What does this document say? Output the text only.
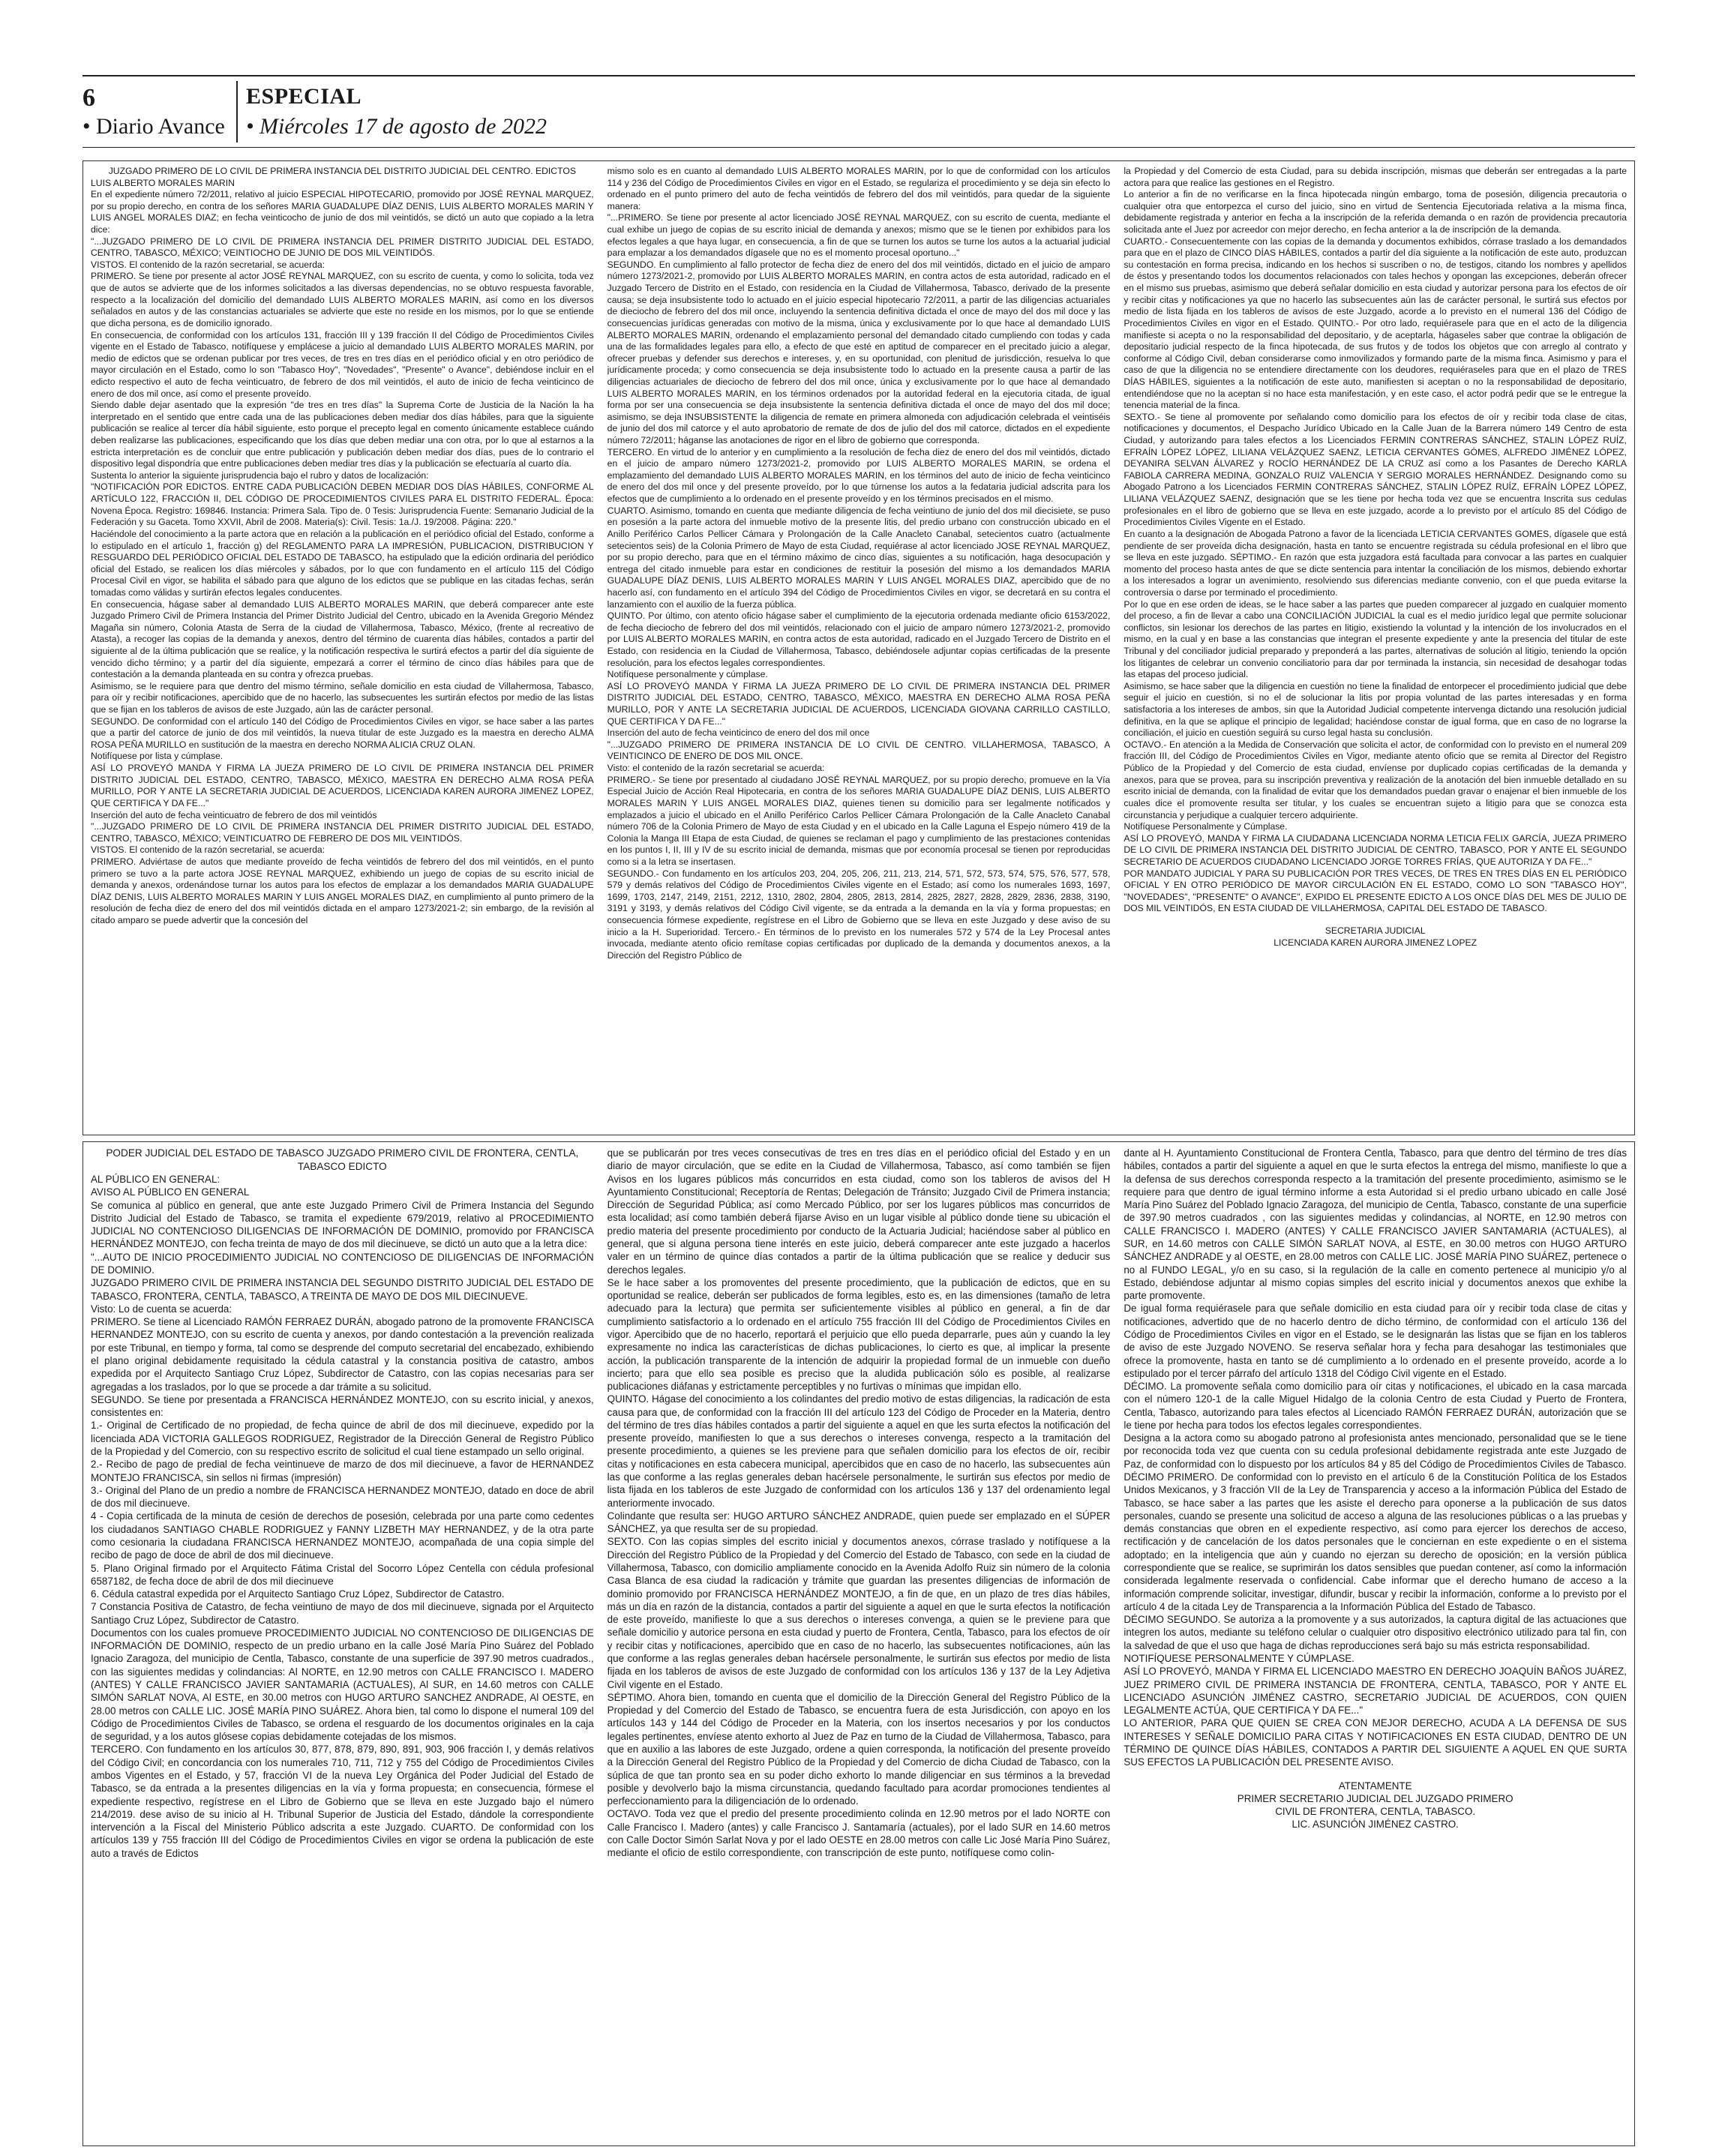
6
• Diario Avance
ESPECIAL
• Miércoles 17 de agosto de 2022

JUZGADO PRIMERO DE LO CIVIL DE PRIMERA INSTANCIA DEL DISTRITO JUDICIAL DEL CENTRO. EDICTOS

LUIS ALBERTO MORALES MARIN

En el expediente número 72/2011, relativo al juicio ESPECIAL HIPOTECARIO, promovido por JOSÉ REYNAL MARQUEZ, por su propio derecho, en contra de los señores MARIA GUADALUPE DÍAZ DENIS, LUIS ALBERTO MORALES MARIN Y LUIS ANGEL MORALES DIAZ; en fecha veinticocho de junio de dos mil veintidós, se dictó un auto que copiado a la letra dice:

"...JUZGADO PRIMERO DE LO CIVIL DE PRIMERA INSTANCIA DEL PRIMER DISTRITO JUDICIAL DEL ESTADO, CENTRO, TABASCO, MÉXICO; VEINTIOCHO DE JUNIO DE DOS MIL VEINTIDÓS.

VISTOS. El contenido de la razón secretarial, se acuerda:

PRIMERO. Se tiene por presente al actor JOSÉ REYNAL MARQUEZ, con su escrito de cuenta, y como lo solicita, toda vez que de autos se advierte que de los informes solicitados a las diversas dependencias, no se obtuvo respuesta favorable, respecto a la localización del domicilio del demandado LUIS ALBERTO MORALES MARIN, así como en los diversos señalados en autos y de las constancias actuariales se advierte que este no reside en los mismos, por lo que se entiende que dicha persona, es de domicilio ignorado.

En consecuencia, de conformidad con los artículos 131, fracción III y 139 fracción II del Código de Procedimientos Civiles vigente en el Estado de Tabasco, notifíquese y emplácese a juicio al demandado LUIS ALBERTO MORALES MARIN, por medio de edictos que se ordenan publicar por tres veces, de tres en tres días en el periódico oficial y en otro periódico de mayor circulación en el Estado, como lo son "Tabasco Hoy", "Novedades", "Presente" o Avance", debiéndose incluir en el edicto respectivo el auto de fecha veinticuatro, de febrero de dos mil veintidós, el auto de inicio de fecha veinticinco de enero de dos mil once, así como el presente proveído.

Siendo dable dejar asentado que la expresión "de tres en tres días" la Suprema Corte de Justicia de la Nación la ha interpretado en el sentido que entre cada una de las publicaciones deben mediar dos días hábiles, para que la siguiente publicación se realice al tercer día hábil siguiente, esto porque el precepto legal en comento únicamente establece cuándo deben realizarse las publicaciones, especificando que los días que deben mediar una con otra, por lo que al estarnos a la estricta interpretación es de concluir que entre publicación y publicación deben mediar dos días, pues de lo contrario el dispositivo legal dispondría que entre publicaciones deben mediar tres días y la publicación se efectuaría al cuarto día.

Sustenta lo anterior la siguiente jurisprudencia bajo el rubro y datos de localización:

"NOTIFICACIÓN POR EDICTOS. ENTRE CADA PUBLICACIÓN DEBEN MEDIAR DOS DÍAS HÁBILES, CONFORME AL ARTÍCULO 122, FRACCIÓN II, DEL CÓDIGO DE PROCEDIMIENTOS CIVILES PARA EL DISTRITO FEDERAL. Época: Novena Época. Registro: 169846. Instancia: Primera Sala. Tipo de. 0 Tesis: Jurisprudencia Fuente: Semanario Judicial de la Federación y su Gaceta. Tomo XXVII, Abril de 2008. Materia(s): Civil. Tesis: 1a./J. 19/2008. Página: 220."

Haciéndole del conocimiento a la parte actora que en relación a la publicación en el periódico oficial del Estado, conforme a lo estipulado en el artículo 1, fracción g) del REGLAMENTO PARA LA IMPRESIÓN, PUBLICACION, DISTRIBUCION Y RESGUARDO DEL PERIÓDICO OFICIAL DEL ESTADO DE TABASCO, ha estipulado que la edición ordinaria del periódico oficial del Estado, se realicen los días miércoles y sábados, por lo que con fundamento en el artículo 115 del Código Procesal Civil en vigor, se habilita el sábado para que alguno de los edictos que se publique en las citadas fechas, serán tomadas como válidas y surtirán efectos legales conducentes.

En consecuencia, hágase saber al demandado LUIS ALBERTO MORALES MARIN, que deberá comparecer ante este Juzgado Primero Civil de Primera Instancia del Primer Distrito Judicial del Centro, ubicado en la Avenida Gregorio Méndez Magaña sin número, Colonia Atasta de Serra de la ciudad de Villahermosa, Tabasco, México, (frente al recreativo de Atasta), a recoger las copias de la demanda y anexos, dentro del término de cuarenta días hábiles, contados a partir del siguiente al de la última publicación que se realice, y la notificación respectiva le surtirá efectos a partir del día siguiente de vencido dicho término; y a partir del día siguiente, empezará a correr el término de cinco días hábiles para que de contestación a la demanda planteada en su contra y ofrezca pruebas.

Asimismo, se le requiere para que dentro del mismo término, señale domicilio en esta ciudad de Villahermosa, Tabasco, para oír y recibir notificaciones, apercibido que de no hacerlo, las subsecuentes les surtirán efectos por medio de las listas que se fijan en los tableros de avisos de este Juzgado, aún las de carácter personal.

SEGUNDO. De conformidad con el artículo 140 del Código de Procedimientos Civiles en vigor, se hace saber a las partes que a partir del catorce de junio de dos mil veintidós, la nueva titular de este Juzgado es la maestra en derecho ALMA ROSA PEÑA MURILLO en sustitución de la maestra en derecho NORMA ALICIA CRUZ OLAN.

Notifíquese por lista y cúmplase.

ASÍ LO PROVEYÓ MANDA Y FIRMA LA JUEZA PRIMERO DE LO CIVIL DE PRIMERA INSTANCIA DEL PRIMER DISTRITO JUDICIAL DEL ESTADO, CENTRO, TABASCO, MÉXICO, MAESTRA EN DERECHO ALMA ROSA PEÑA MURILLO, POR Y ANTE LA SECRETARIA JUDICIAL DE ACUERDOS, LICENCIADA KAREN AURORA JIMENEZ LOPEZ, QUE CERTIFICA Y DA FE..."

Inserción del auto de fecha veinticuatro de febrero de dos mil veintidós

"...JUZGADO PRIMERO DE LO CIVIL DE PRIMERA INSTANCIA DEL PRIMER DISTRITO JUDICIAL DEL ESTADO, CENTRO, TABASCO, MÉXICO; VEINTICUATRO DE FEBRERO DE DOS MIL VEINTIDÓS.

VISTOS. El contenido de la razón secretarial, se acuerda:

PRIMERO. Adviértase de autos que mediante proveído de fecha veintidós de febrero del dos mil veintidós, en el punto primero se tuvo a la parte actora JOSE REYNAL MARQUEZ, exhibiendo un juego de copias de su escrito inicial de demanda y anexos, ordenándose turnar los autos para los efectos de emplazar a los demandados MARIA GUADALUPE DÍAZ DENIS, LUIS ALBERTO MORALES MARIN Y LUIS ANGEL MORALES DIAZ, en cumplimiento al punto primero de la resolución de fecha diez de enero del dos mil veintidós dictada en el amparo 1273/2021-2; sin embargo, de la revisión al citado amparo se puede advertir que la concesión del

mismo solo es en cuanto al demandado LUIS ALBERTO MORALES MARIN, por lo que de conformidad con los artículos 114 y 236 del Código de Procedimientos Civiles en vigor en el Estado, se regulariza el procedimiento y se deja sin efecto lo ordenado en el punto primero del auto de fecha veintidós de febrero del dos mil veintidós, para quedar de la siguiente manera:

"...PRIMERO. Se tiene por presente al actor licenciado JOSÉ REYNAL MARQUEZ, con su escrito de cuenta, mediante el cual exhibe un juego de copias de su escrito inicial de demanda y anexos; mismo que se le tienen por exhibidos para los efectos legales a que haya lugar, en consecuencia, a fin de que se turnen los autos se turne los autos a la actuarial judicial para emplazar a los demandados dígasele que no es el momento procesal oportuno..."

SEGUNDO. En cumplimiento al fallo protector de fecha diez de enero del dos mil veintidós, dictado en el juicio de amparo número 1273/2021-2, promovido por LUIS ALBERTO MORALES MARIN, en contra actos de esta autoridad, radicado en el Juzgado Tercero de Distrito en el Estado, con residencia en la Ciudad de Villahermosa, Tabasco, derivado de la presente causa; se deja insubsistente todo lo actuado en el juicio especial hipotecario 72/2011, a partir de las diligencias actuariales de dieciocho de febrero del dos mil once, incluyendo la sentencia definitiva dictada el once de mayo del dos mil doce y las consecuencias jurídicas generadas con motivo de la misma, única y exclusivamente por lo que hace al demandado LUIS ALBERTO MORALES MARIN, ordenando el emplazamiento personal del demandado citado cumpliendo con todas y cada una de las formalidades legales para ello, a efecto de que esté en aptitud de comparecer en el precitado juicio a alegar, ofrecer pruebas y defender sus derechos e intereses, y, en su oportunidad, con plenitud de jurisdicción, resuelva lo que jurídicamente proceda; y como consecuencia se deja insubsistente todo lo actuado en la presente causa a partir de las diligencias actuariales de dieciocho de febrero del dos mil once, única y exclusivamente por lo que hace al demandado LUIS ALBERTO MORALES MARIN, en los términos ordenados por la autoridad federal en la ejecutoria citada, de igual forma por ser una consecuencia se deja insubsistente la sentencia definitiva dictada el once de mayo del dos mil doce; asimismo, se deja INSUBSISTENTE la diligencia de remate en primera almoneda con adjudicación celebrada el veintiséis de junio del dos mil catorce y el auto aprobatorio de remate de dos de julio del dos mil catorce, dictados en el expediente número 72/2011; háganse las anotaciones de rigor en el libro de gobierno que corresponda.

TERCERO. En virtud de lo anterior y en cumplimiento a la resolución de fecha diez de enero del dos mil veintidós, dictado en el juicio de amparo número 1273/2021-2, promovido por LUIS ALBERTO MORALES MARIN, se ordena el emplazamiento del demandado LUIS ALBERTO MORALES MARIN, en los términos del auto de inicio de fecha veinticinco de enero del dos mil once y del presente proveído, por lo que túrnense los autos a la fedataria judicial adscrita para los efectos que de cumplimiento a lo ordenado en el presente proveído y en los términos precisados en el mismo.

CUARTO. Asimismo, tomando en cuenta que mediante diligencia de fecha veintiuno de junio del dos mil diecisiete, se puso en posesión a la parte actora del inmueble motivo de la presente litis, del predio urbano con construcción ubicado en el Anillo Periférico Carlos Pellicer Cámara y Prolongación de la Calle Anacleto Canabal, setecientos cuatro (actualmente setecientos seis) de la Colonia Primero de Mayo de esta Ciudad, requiérase al actor licenciado JOSE REYNAL MARQUEZ, por su propio derecho, para que en el término máximo de cinco días, siguientes a su notificación, haga desocupación y entrega del citado inmueble para estar en condiciones de restituir la posesión del mismo a los demandados MARIA GUADALUPE DÍAZ DENIS, LUIS ALBERTO MORALES MARIN Y LUIS ANGEL MORALES DIAZ, apercibido que de no hacerlo así, con fundamento en el artículo 394 del Código de Procedimientos Civiles en vigor, se decretará en su contra el lanzamiento con el auxilio de la fuerza pública.

QUINTO. Por último, con atento oficio hágase saber el cumplimiento de la ejecutoria ordenada mediante oficio 6153/2022, de fecha dieciocho de febrero del dos mil veintidós, relacionado con el juicio de amparo número 1273/2021-2, promovido por LUIS ALBERTO MORALES MARIN, en contra actos de esta autoridad, radicado en el Juzgado Tercero de Distrito en el Estado, con residencia en la Ciudad de Villahermosa, Tabasco, debiéndosele adjuntar copias certificadas de la presente resolución, para los efectos legales correspondientes.

Notifíquese personalmente y cúmplase.

ASÍ LO PROVEYÓ MANDA Y FIRMA LA JUEZA PRIMERO DE LO CIVIL DE PRIMERA INSTANCIA DEL PRIMER DISTRITO JUDICIAL DEL ESTADO, CENTRO, TABASCO, MÉXICO, MAESTRA EN DERECHO ALMA ROSA PEÑA MURILLO, POR Y ANTE LA SECRETARIA JUDICIAL DE ACUERDOS, LICENCIADA GIOVANA CARRILLO CASTILLO, QUE CERTIFICA Y DA FE..."

Inserción del auto de fecha veinticinco de enero del dos mil once

"...JUZGADO PRIMERO DE PRIMERA INSTANCIA DE LO CIVIL DE CENTRO. VILLAHERMOSA, TABASCO, A VEINTICINCO DE ENERO DE DOS MIL ONCE.

Visto: el contenido de la razón secretarial se acuerda:

PRIMERO.- Se tiene por presentado al ciudadano JOSÉ REYNAL MARQUEZ, por su propio derecho, promueve en la Vía Especial Juicio de Acción Real Hipotecaria, en contra de los señores MARIA GUADALUPE DÍAZ DENIS, LUIS ALBERTO MORALES MARIN Y LUIS ANGEL MORALES DIAZ, quienes tienen su domicilio para ser legalmente notificados y emplazados a juicio el ubicado en el Anillo Periférico Carlos Pellicer Cámara Prolongación de la Calle Anacleto Canabal número 706 de la Colonia Primero de Mayo de esta Ciudad y en el ubicado en la Calle Laguna el Espejo número 419 de la Colonia la Manga III Etapa de esta Ciudad, de quienes se reclaman el pago y cumplimiento de las prestaciones contenidas en los puntos I, II, III y IV de su escrito inicial de demanda, mismas que por economía procesal se tienen por reproducidas como si a la letra se insertasen.

SEGUNDO.- Con fundamento en los artículos 203, 204, 205, 206, 211, 213, 214, 571, 572, 573, 574, 575, 576, 577, 578, 579 y demás relativos del Código de Procedimientos Civiles vigente en el Estado; así como los numerales 1693, 1697, 1699, 1703, 2147, 2149, 2151, 2212, 1310, 2802, 2804, 2805, 2813, 2814, 2825, 2827, 2828, 2829, 2836, 2838, 3190, 3191 y 3193, y demás relativos del Código Civil vigente, se da entrada a la demanda en la vía y forma propuestas; en consecuencia fórmese expediente, regístrese en el Libro de Gobierno que se lleva en este Juzgado y dese aviso de su inicio a la H. Superioridad. Tercero.- En términos de lo previsto en los numerales 572 y 574 de la Ley Procesal antes invocada, mediante atento oficio remítase copias certificadas por duplicado de la demanda y documentos anexos, a la Dirección del Registro Público de

la Propiedad y del Comercio de esta Ciudad, para su debida inscripción, mismas que deberán ser entregadas a la parte actora para que realice las gestiones en el Registro.

Lo anterior a fin de no verificarse en la finca hipotecada ningún embargo, toma de posesión, diligencia precautoria o cualquier otra que entorpezca el curso del juicio, sino en virtud de Sentencia Ejecutoriada relativa a la misma finca, debidamente registrada y anterior en fecha a la inscripción de la referida demanda o en razón de providencia precautoria solicitada ante el Juez por acreedor con mejor derecho, en fecha anterior a la de inscripción de la demanda.

CUARTO.- Consecuentemente con las copias de la demanda y documentos exhibidos, córrase traslado a los demandados para que en el plazo de CINCO DÍAS HÁBILES, contados a partir del día siguiente a la notificación de este auto, produzcan su contestación en forma precisa, indicando en los hechos si suscriben o no, de testigos, citando los nombres y apellidos de éstos y presentando todos los documentos relacionados con tales hechos y opongan las excepciones, deberán ofrecer en el mismo sus pruebas, asimismo que deberá señalar domicilio en esta ciudad y autorizar persona para los efectos de oír y recibir citas y notificaciones ya que no hacerlo las subsecuentes aún las de carácter personal, le surtirá sus efectos por medio de lista fijada en los tableros de avisos de este Juzgado, acorde a lo previsto en el numeral 136 del Código de Procedimientos Civiles en vigor en el Estado. QUINTO.- Por otro lado, requiérasele para que en el acto de la diligencia manifieste si acepta o no la responsabilidad del depositario, y de aceptarla, hágaseles saber que contrae la obligación de depositario judicial respecto de la finca hipotecada, de sus frutos y de todos los objetos que con arreglo al contrato y conforme al Código Civil, deban considerarse como inmovilizados y formando parte de la misma finca. Asimismo y para el caso de que la diligencia no se entendiere directamente con los deudores, requiéraseles para que en el plazo de TRES DÍAS HÁBILES, siguientes a la notificación de este auto, manifiesten si aceptan o no la responsabilidad de depositario, entendiéndose que no la aceptan si no hace esta manifestación, y en este caso, el actor podrá pedir que se le entregue la tenencia material de la finca.

SEXTO.- Se tiene al promovente por señalando como domicilio para los efectos de oír y recibir toda clase de citas, notificaciones y documentos, el Despacho Jurídico Ubicado en la Calle Juan de la Barrera número 149 Centro de esta Ciudad, y autorizando para tales efectos a los Licenciados FERMIN CONTRERAS SÁNCHEZ, STALIN LÓPEZ RUÍZ, EFRAÍN LÓPEZ LÓPEZ, LILIANA VELÁZQUEZ SAENZ, LETICIA CERVANTES GÓMES, ALFREDO JIMÉNEZ LÓPEZ, DEYANIRA SELVAN ÁLVAREZ y ROCÍO HERNÁNDEZ DE LA CRUZ así como a los Pasantes de Derecho KARLA FABIOLA CARRERA MEDINA, GONZALO RUIZ VALENCIA Y SERGIO MORALES HERNÁNDEZ. Designando como su Abogado Patrono a los Licenciados FERMIN CONTRERAS SÁNCHEZ, STALIN LÓPEZ RUÍZ, EFRAÍN LÓPEZ LÓPEZ, LILIANA VELÁZQUEZ SAENZ, designación que se les tiene por hecha toda vez que se encuentra Inscrita sus cedulas profesionales en el libro de gobierno que se lleva en este juzgado, acorde a lo previsto por el artículo 85 del Código de Procedimientos Civiles Vigente en el Estado.

En cuanto a la designación de Abogada Patrono a favor de la licenciada LETICIA CERVANTES GOMES, dígasele que está pendiente de ser proveída dicha designación, hasta en tanto se encuentre registrada su cédula profesional en el libro que se lleva en este juzgado. SÉPTIMO.- En razón que esta juzgadora está facultada para convocar a las partes en cualquier momento del proceso hasta antes de que se dicte sentencia para intentar la conciliación de los mismos, debiendo exhortar a los interesados a lograr un avenimiento, resolviendo sus diferencias mediante convenio, con el que pueda evitarse la controversia o darse por terminado el procedimiento.

Por lo que en ese orden de ideas, se le hace saber a las partes que pueden comparecer al juzgado en cualquier momento del proceso, a fin de llevar a cabo una CONCILIACIÓN JUDICIAL la cual es el medio jurídico legal que permite solucionar conflictos, sin lesionar los derechos de las partes en litigio, existiendo la voluntad y la intención de los involucrados en el mismo, en la cual y en base a las constancias que integran el presente expediente y ante la presencia del titular de este Tribunal y del conciliador judicial preparado y preponderá a las partes, alternativas de solución al litigio, teniendo la opción los litigantes de celebrar un convenio conciliatorio para dar por terminada la instancia, sin necesidad de desahogar todas las etapas del proceso judicial.

Asimismo, se hace saber que la diligencia en cuestión no tiene la finalidad de entorpecer el procedimiento judicial que debe seguir el juicio en cuestión, si no el de solucionar la litis por propia voluntad de las partes interesadas y en forma satisfactoria a los intereses de ambos, sin que la Autoridad Judicial competente intervenga dictando una resolución judicial definitiva, en la que se aplique el principio de legalidad; haciéndose constar de igual forma, que en caso de no lograrse la conciliación, el juicio en cuestión seguirá su curso legal hasta su conclusión.

OCTAVO.- En atención a la Medida de Conservación que solicita el actor, de conformidad con lo previsto en el numeral 209 fracción III, del Código de Procedimientos Civiles en Vigor, mediante atento oficio que se remita al Director del Registro Público de la Propiedad y del Comercio de esta ciudad, envíense por duplicado copias certificadas de la demanda y anexos, para que se provea, para su inscripción preventiva y realización de la anotación del bien inmueble detallado en su escrito inicial de demanda, con la finalidad de evitar que los demandados puedan gravar o enajenar el bien inmueble de los cuales dice el promovente resulta ser titular, y los cuales se encuentran sujeto a litigio para que se conozca esta circunstancia y perjudique a cualquier tercero adquiriente.

Notifíquese Personalmente y Cúmplase.

ASÍ LO PROVEYÓ, MANDA Y FIRMA LA CIUDADANA LICENCIADA NORMA LETICIA FELIX GARCÍA, JUEZA PRIMERO DE LO CIVIL DE PRIMERA INSTANCIA DEL DISTRITO JUDICIAL DE CENTRO, TABASCO, POR Y ANTE EL SEGUNDO SECRETARIO DE ACUERDOS CIUDADANO LICENCIADO JORGE TORRES FRÍAS, QUE AUTORIZA Y DA FE..."

POR MANDATO JUDICIAL Y PARA SU PUBLICACIÓN POR TRES VECES, DE TRES EN TRES DÍAS EN EL PERIÓDICO OFICIAL Y EN OTRO PERIÓDICO DE MAYOR CIRCULACIÓN EN EL ESTADO, COMO LO SON "TABASCO HOY", "NOVEDADES", "PRESENTE" O AVANCE", EXPIDO EL PRESENTE EDICTO A LOS ONCE DÍAS DEL MES DE JULIO DE DOS MIL VEINTIDÓS, EN ESTA CIUDAD DE VILLAHERMOSA, CAPITAL DEL ESTADO DE TABASCO.

SECRETARIA JUDICIAL
LICENCIADA KAREN AURORA JIMENEZ LOPEZ

PODER JUDICIAL DEL ESTADO DE TABASCO JUZGADO PRIMERO CIVIL DE FRONTERA, CENTLA, TABASCO EDICTO

AL PÚBLICO EN GENERAL:

AVISO AL PÚBLICO EN GENERAL

Se comunica al público en general, que ante este Juzgado Primero Civil de Primera Instancia del Segundo Distrito Judicial del Estado de Tabasco, se tramita el expediente 679/2019, relativo al PROCEDIMIENTO JUDICIAL NO CONTENCIOSO DILIGENCIAS DE INFORMACIÓN DE DOMINIO, promovido por FRANCISCA HERNÁNDEZ MONTEJO, con fecha treinta de mayo de dos mil diecinueve, se dictó un auto que a la letra dice:

"...AUTO DE INICIO PROCEDIMIENTO JUDICIAL NO CONTENCIOSO DE DILIGENCIAS DE INFORMACIÓN DE DOMINIO.

JUZGADO PRIMERO CIVIL DE PRIMERA INSTANCIA DEL SEGUNDO DISTRITO JUDICIAL DEL ESTADO DE TABASCO, FRONTERA, CENTLA, TABASCO, A TREINTA DE MAYO DE DOS MIL DIECINUEVE.

Visto: Lo de cuenta se acuerda:

PRIMERO. Se tiene al Licenciado RAMÓN FERRAEZ DURÁN, abogado patrono de la promovente FRANCISCA HERNANDEZ MONTEJO, con su escrito de cuenta y anexos, por dando contestación a la prevención realizada por este Tribunal, en tiempo y forma, tal como se desprende del computo secretarial del encabezado, exhibiendo el plano original debidamente requisitado la cédula catastral y la constancia positiva de catastro, ambos expedida por el Arquitecto Santiago Cruz López, Subdirector de Catastro, con las copias necesarias para ser agregadas a los traslados, por lo que se procede a dar trámite a su solicitud.

SEGUNDO. Se tiene por presentada a FRANCISCA HERNÁNDEZ MONTEJO, con su escrito inicial, y anexos, consistentes en:

1.- Original de Certificado de no propiedad, de fecha quince de abril de dos mil diecinueve, expedido por la licenciada ADA VICTORIA GALLEGOS RODRIGUEZ, Registrador de la Dirección General de Registro Público de la Propiedad y del Comercio, con su respectivo escrito de solicitud el cual tiene estampado un sello original.

2.- Recibo de pago de predial de fecha veintinueve de marzo de dos mil diecinueve, a favor de HERNANDEZ MONTEJO FRANCISCA, sin sellos ni firmas (impresión)

3.- Original del Plano de un predio a nombre de FRANCISCA HERNANDEZ MONTEJO, datado en doce de abril de dos mil diecinueve.

4 - Copia certificada de la minuta de cesión de derechos de posesión, celebrada por una parte como cedentes los ciudadanos SANTIAGO CHABLE RODRIGUEZ y FANNY LIZBETH MAY HERNANDEZ, y de la otra parte como cesionaria la ciudadana FRANCISCA HERNANDEZ MONTEJO, acompañada de una copia simple del recibo de pago de doce de abril de dos mil diecinueve.

5. Plano Original firmado por el Arquitecto Fátima Cristal del Socorro López Centella con cédula profesional 6587182, de fecha doce de abril de dos mil diecinueve

6. Cédula catastral expedida por el Arquitecto Santiago Cruz López, Subdirector de Catastro.

7 Constancia Positiva de Catastro, de fecha veintiuno de mayo de dos mil diecinueve, signada por el Arquitecto Santiago Cruz López, Subdirector de Catastro.

Documentos con los cuales promueve PROCEDIMIENTO JUDICIAL NO CONTENCIOSO DE DILIGENCIAS DE INFORMACIÓN DE DOMINIO, respecto de un predio urbano en la calle José María Pino Suárez del Poblado Ignacio Zaragoza, del municipio de Centla, Tabasco, constante de una superficie de 397.90 metros cuadrados., con las siguientes medidas y colindancias: Al NORTE, en 12.90 metros con CALLE FRANCISCO I. MADERO (ANTES) Y CALLE FRANCISCO JAVIER SANTAMARIA (ACTUALES), Al SUR, en 14.60 metros con CALLE SIMÓN SARLAT NOVA, Al ESTE, en 30.00 metros con HUGO ARTURO SANCHEZ ANDRADE, Al OESTE, en 28.00 metros con CALLE LIC. JOSÉ MARÍA PINO SUÁREZ. Ahora bien, tal como lo dispone el numeral 109 del Código de Procedimientos Civiles de Tabasco, se ordena el resguardo de los documentos originales en la caja de seguridad, y a los autos glósese copias debidamente cotejadas de los mismos.

TERCERO. Con fundamento en los artículos 30, 877, 878, 879, 890, 891, 903, 906 fracción I, y demás relativos del Código Civil; en concordancia con los numerales 710, 711, 712 y 755 del Código de Procedimientos Civiles ambos Vigentes en el Estado, y 57, fracción VI de la nueva Ley Orgánica del Poder Judicial del Estado de Tabasco, se da entrada a la presentes diligencias en la vía y forma propuesta; en consecuencia, fórmese el expediente respectivo, regístrese en el Libro de Gobierno que se lleva en este Juzgado bajo el número 214/2019. dese aviso de su inicio al H. Tribunal Superior de Justicia del Estado, dándole la correspondiente intervención a la Fiscal del Ministerio Público adscrita a este Juzgado. CUARTO. De conformidad con los artículos 139 y 755 fracción III del Código de Procedimientos Civiles en vigor se ordena la publicación de este auto a través de Edictos

que se publicarán por tres veces consecutivas de tres en tres días en el periódico oficial del Estado y en un diario de mayor circulación, que se edite en la Ciudad de Villahermosa, Tabasco, así como también se fijen Avisos en los lugares públicos más concurridos en esta ciudad, como son los tableros de avisos del H Ayuntamiento Constitucional; Receptoría de Rentas; Delegación de Tránsito; Juzgado Civil de Primera instancia; Dirección de Seguridad Pública; así como Mercado Público, por ser los lugares públicos mas concurridos de esta localidad; así como también deberá fijarse Aviso en un lugar visible al público donde tiene su ubicación el predio materia del presente procedimiento por conducto de la Actuaria Judicial; haciéndose saber al público en general, que si alguna persona tiene interés en este juicio, deberá comparecer ante este juzgado a hacerlos valer en un término de quince días contados a partir de la última publicación que se realice y deducir sus derechos legales.

Se le hace saber a los promoventes del presente procedimiento, que la publicación de edictos, que en su oportunidad se realice, deberán ser publicados de forma legibles, esto es, en las dimensiones (tamaño de letra adecuado para la lectura) que permita ser suficientemente visibles al público en general, a fin de dar cumplimiento satisfactorio a lo ordenado en el artículo 755 fracción III del Código de Procedimientos Civiles en vigor. Apercibido que de no hacerlo, reportará el perjuicio que ello pueda deparrarle, pues aún y cuando la ley expresamente no indica las características de dichas publicaciones, lo cierto es que, al implicar la presente acción, la publicación transparente de la intención de adquirir la propiedad formal de un inmueble con dueño incierto; para que ello sea posible es preciso que la aludida publicación sólo es posible, al realizarse publicaciones diáfanas y estrictamente perceptibles y no furtivas o mínimas que impidan ello.

QUINTO. Hágase del conocimiento a los colindantes del predio motivo de estas diligencias, la radicación de esta causa para que, de conformidad con la fracción III del artículo 123 del Código de Proceder en la Materia, dentro del término de tres días hábiles contados a partir del siguiente a aquel en que les surta efectos la notificación del presente proveído, manifiesten lo que a sus derechos o intereses convenga, respecto a la tramitación del presente procedimiento, a quienes se les previene para que señalen domicilio para los efectos de oír, recibir citas y notificaciones en esta cabecera municipal, apercibidos que en caso de no hacerlo, las subsecuentes aún las que conforme a las reglas generales deban hacérsele personalmente, le surtirán sus efectos por medio de lista fijada en los tableros de este Juzgado de conformidad con los artículos 136 y 137 del ordenamiento legal anteriormente invocado.

Colindante que resulta ser: HUGO ARTURO SÁNCHEZ ANDRADE, quien puede ser emplazado en el SÚPER SÁNCHEZ, ya que resulta ser de su propiedad.

SEXTO. Con las copias simples del escrito inicial y documentos anexos, córrase traslado y notifíquese a la Dirección del Registro Público de la Propiedad y del Comercio del Estado de Tabasco, con sede en la ciudad de Villahermosa, Tabasco, con domicilio ampliamente conocido en la Avenida Adolfo Ruiz sin número de la colonia Casa Blanca de esa ciudad la radicación y trámite que guardan las presentes diligencias de información de dominio promovido por FRANCISCA HERNÁNDEZ MONTEJO, a fin de que, en un plazo de tres días hábiles, más un día en razón de la distancia, contados a partir del siguiente a aquel en que le surta efectos la notificación de este proveído, manifieste lo que a sus derechos o intereses convenga, a quien se le previene para que señale domicilio y autorice persona en esta ciudad y puerto de Frontera, Centla, Tabasco, para los efectos de oír y recibir citas y notificaciones, apercibido que en caso de no hacerlo, las subsecuentes notificaciones, aún las que conforme a las reglas generales deban hacérsele personalmente, le surtirán sus efectos por medio de lista fijada en los tableros de avisos de este Juzgado de conformidad con los artículos 136 y 137 de la Ley Adjetiva Civil vigente en el Estado.

SÉPTIMO. Ahora bien, tomando en cuenta que el domicilio de la Dirección General del Registro Público de la Propiedad y del Comercio del Estado de Tabasco, se encuentra fuera de esta Jurisdicción, con apoyo en los artículos 143 y 144 del Código de Proceder en la Materia, con los insertos necesarios y por los conductos legales pertinentes, envíese atento exhorto al Juez de Paz en turno de la Ciudad de Villahermosa, Tabasco, para que en auxilio a las labores de este Juzgado, ordene a quien corresponda, la notificación del presente proveído a la Dirección General del Registro Público de la Propiedad y del Comercio de dicha Ciudad de Tabasco, con la súplica de que tan pronto sea en su poder dicho exhorto lo mande diligenciar en sus términos a la brevedad posible y devolverlo bajo la misma circunstancia, quedando facultado para acordar promociones tendientes al perfeccionamiento para la diligenciación de lo ordenado.

OCTAVO. Toda vez que el predio del presente procedimiento colinda en 12.90 metros por el lado NORTE con Calle Francisco I. Madero (antes) y calle Francisco J. Santamaría (actuales), por el lado SUR en 14.60 metros con Calle Doctor Simón Sarlat Nova y por el lado OESTE en 28.00 metros con calle Lic José María Pino Suárez, mediante el oficio de estilo correspondiente, con transcripción de este punto, notifíquese como colin-

dante al H. Ayuntamiento Constitucional de Frontera Centla, Tabasco, para que dentro del término de tres días hábiles, contados a partir del siguiente a aquel en que le surta efectos la entrega del mismo, manifieste lo que a la defensa de sus derechos corresponda respecto a la tramitación del presente procedimiento, asimismo se le requiere para que dentro de igual término informe a esta Autoridad si el predio urbano ubicado en calle José María Pino Suárez del Poblado Ignacio Zaragoza, del municipio de Centla, Tabasco, constante de una superficie de 397.90 metros cuadrados , con las siguientes medidas y colindancias, al NORTE, en 12.90 metros con CALLE FRANCISCO I. MADERO (ANTES) Y CALLE FRANCISCO JAVIER SANTAMARIA (ACTUALES), al SUR, en 14.60 metros con CALLE SIMÓN SARLAT NOVA, al ESTE, en 30.00 metros con HUGO ARTURO SÁNCHEZ ANDRADE y al OESTE, en 28.00 metros con CALLE LIC. JOSÉ MARÍA PINO SUÁREZ, pertenece o no al FUNDO LEGAL, y/o en su caso, si la regulación de la calle en comento pertenece al municipio y/o al Estado, debiéndose adjuntar al mismo copias simples del escrito inicial y documentos anexos que exhibe la parte promovente.

De igual forma requiérasele para que señale domicilio en esta ciudad para oír y recibir toda clase de citas y notificaciones, advertido que de no hacerlo dentro de dicho término, de conformidad con el artículo 136 del Código de Procedimientos Civiles en vigor en el Estado, se le designarán las listas que se fijan en los tableros de aviso de este Juzgado NOVENO. Se reserva señalar hora y fecha para desahogar las testimoniales que ofrece la promovente, hasta en tanto se dé cumplimiento a lo ordenado en el presente proveído, acorde a lo estipulado por el tercer párrafo del artículo 1318 del Código Civil vigente en el Estado.

DÉCIMO. La promovente señala como domicilio para oír citas y notificaciones, el ubicado en la casa marcada con el número 120-1 de la calle Miguel Hidalgo de la colonia Centro de esta Ciudad y Puerto de Frontera, Centla, Tabasco, autorizando para tales efectos al Licenciado RAMÓN FERRAEZ DURÁN, autorización que se le tiene por hecha para todos los efectos legales correspondientes.

Designa a la actora como su abogado patrono al profesionista antes mencionado, personalidad que se le tiene por reconocida toda vez que cuenta con su cedula profesional debidamente registrada ante este Juzgado de Paz, de conformidad con lo dispuesto por los artículos 84 y 85 del Código de Procedimientos Civiles de Tabasco.

DÉCIMO PRIMERO. De conformidad con lo previsto en el artículo 6 de la Constitución Política de los Estados Unidos Mexicanos, y 3 fracción VII de la Ley de Transparencia y acceso a la información Pública del Estado de Tabasco, se hace saber a las partes que les asiste el derecho para oponerse a la publicación de sus datos personales, cuando se presente una solicitud de acceso a alguna de las resoluciones públicas o a las pruebas y demás constancias que obren en el expediente respectivo, así como para ejercer los derechos de acceso, rectificación y de cancelación de los datos personales que le conciernan en este expediente o en el sistema adoptado; en la inteligencia que aún y cuando no ejerzan su derecho de oposición; en la versión pública correspondiente que se realice, se suprimirán los datos sensibles que puedan contener, así como la información considerada legalmente reservada o confidencial. Cabe informar que el derecho humano de acceso a la información comprende solicitar, investigar, difundir, buscar y recibir la información, conforme a lo previsto por el artículo 4 de la citada Ley de Transparencia a la Información Pública del Estado de Tabasco.

DÉCIMO SEGUNDO. Se autoriza a la promovente y a sus autorizados, la captura digital de las actuaciones que integren los autos, mediante su teléfono celular o cualquier otro dispositivo electrónico utilizado para tal fin, con la salvedad de que el uso que haga de dichas reproducciones será bajo su más estricta responsabilidad.

NOTIFÍQUESE PERSONALMENTE Y CÚMPLASE.

ASÍ LO PROVEYÓ, MANDA Y FIRMA EL LICENCIADO MAESTRO EN DERECHO JOAQUÍN BAÑOS JUÁREZ, JUEZ PRIMERO CIVIL DE PRIMERA INSTANCIA DE FRONTERA, CENTLA, TABASCO, POR Y ANTE EL LICENCIADO ASUNCIÓN JIMÉNEZ CASTRO, SECRETARIO JUDICIAL DE ACUERDOS, CON QUIEN LEGALMENTE ACTÚA, QUE CERTIFICA Y DA FE..."

LO ANTERIOR, PARA QUE QUIEN SE CREA CON MEJOR DERECHO, ACUDA A LA DEFENSA DE SUS INTERESES Y SEÑALE DOMICILIO PARA CITAS Y NOTIFICACIONES EN ESTA CIUDAD, DENTRO DE UN TÉRMINO DE QUINCE DÍAS HÁBILES, CONTADOS A PARTIR DEL SIGUIENTE A AQUEL EN QUE SURTA SUS EFECTOS LA PUBLICACIÓN DEL PRESENTE AVISO.

ATENTAMENTE
PRIMER SECRETARIO JUDICIAL DEL JUZGADO PRIMERO
CIVIL DE FRONTERA, CENTLA, TABASCO.
LIC. ASUNCIÓN JIMÉNEZ CASTRO.
